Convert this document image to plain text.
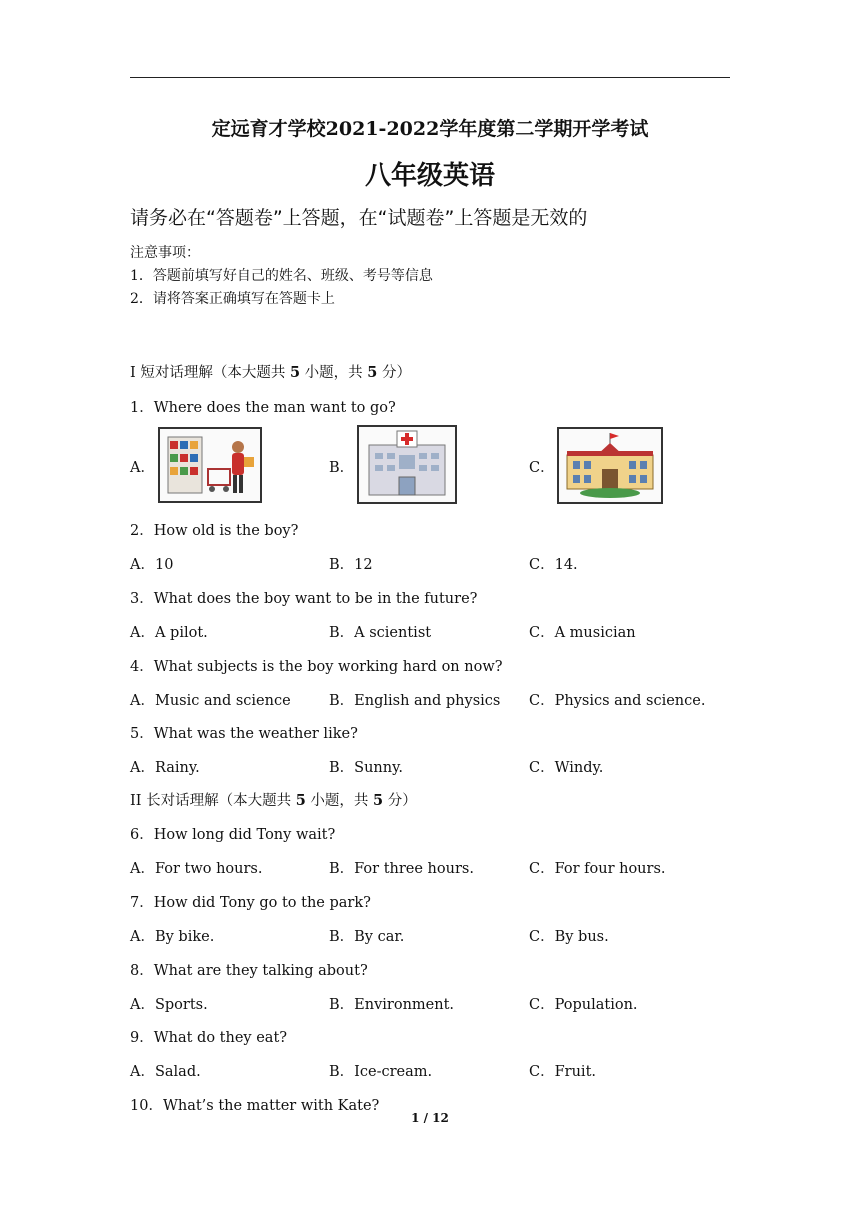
定远育才学校2021-2022学年度第二学期开学考试
八年级英语
请务必在“答题卷”上答题，在“试题卷”上答题是无效的
注意事项：
1．答题前填写好自己的姓名、班级、考号等信息
2．请将答案正确填写在答题卡上
I 短对话理解（本大题共 5 小题，共 5 分）
1．Where does the man want to go?
A．	B．	C．
2．How old is the boy?
A．10	B．12	C．14.
3．What does the boy want to be in the future?
A．A pilot.	B．A scientist	C．A musician
4．What subjects is the boy working hard on now?
A．Music and science	B．English and physics C．Physics and science.
5．What was the weather like?
A．Rainy.	B．Sunny.	C．Windy.
II 长对话理解（本大题共 5 小题，共 5 分）
6．How long did Tony wait?
A．For two hours.	B．For three hours.	C．For four hours.
7．How did Tony go to the park?
A．By bike.	B．By car.	C．By bus.
8．What are they talking about?
A．Sports.	B．Environment.	C．Population.
9．What do they eat?
A．Salad.	B．Ice-cream.	C．Fruit.
10．What’s the matter with Kate?
1 / 12
